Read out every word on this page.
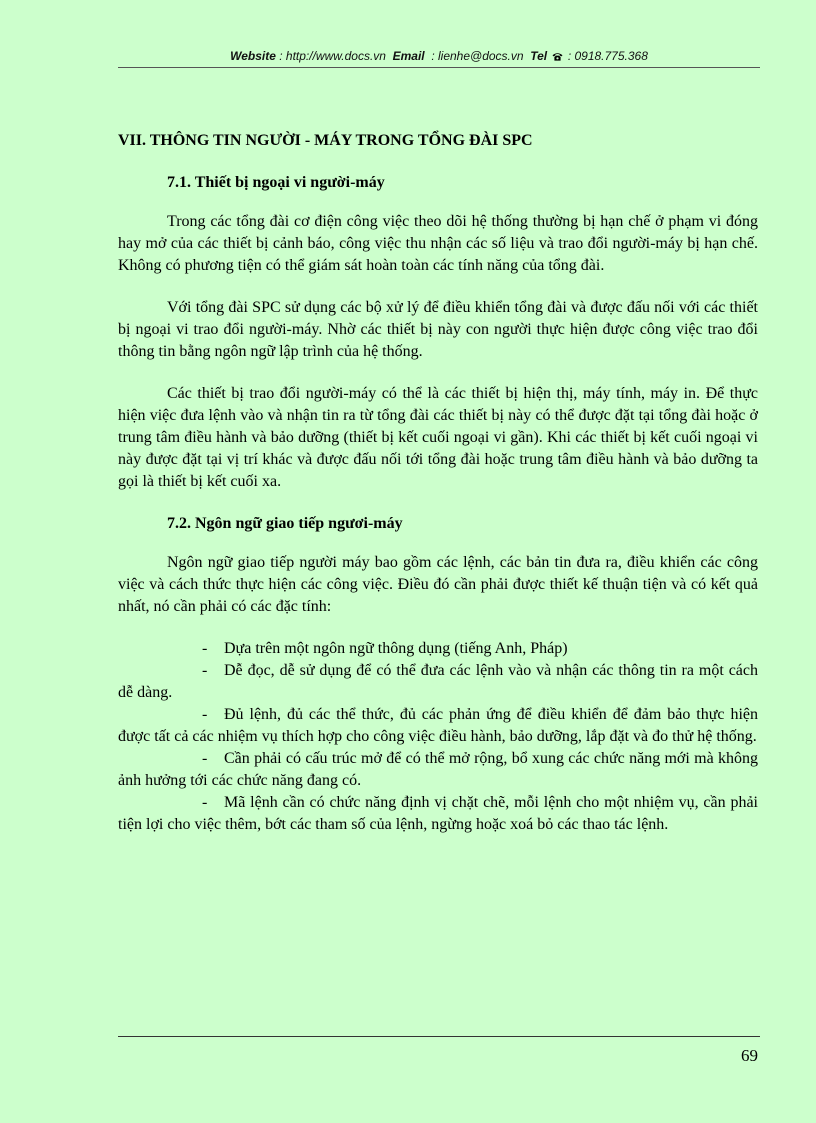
Website : http://www.docs.vn Email : lienhe@docs.vn Tel : 0918.775.368
VII. THÔNG TIN NGƯỜI - MÁY TRONG TỔNG ĐÀI SPC
7.1. Thiết bị ngoại vi người-máy

Trong các tổng đài cơ điện công việc theo dõi hệ thống thường bị hạn chế ở phạm vi đóng hay mở của các thiết bị cảnh báo, công việc thu nhận các số liệu và trao đổi người-máy bị hạn chế. Không có phương tiện có thể giám sát hoàn toàn các tính năng của tổng đài.

Với tổng đài SPC sử dụng các bộ xử lý để điều khiển tổng đài và được đấu nối với các thiết bị ngoại vi trao đổi người-máy. Nhờ các thiết bị này con người thực hiện được công việc trao đổi thông tin bằng ngôn ngữ lập trình của hệ thống.

Các thiết bị trao đổi người-máy có thể là các thiết bị hiện thị, máy tính, máy in. Để thực hiện việc đưa lệnh vào và nhận tin ra từ tổng đài các thiết bị này có thể được đặt tại tổng đài hoặc ở trung tâm điều hành và bảo dưỡng (thiết bị kết cuối ngoại vi gần). Khi các thiết bị kết cuối ngoại vi này được đặt tại vị trí khác và được đấu nối tới tổng đài hoặc trung tâm điều hành và bảo dưỡng ta gọi là thiết bị kết cuối xa.

7.2. Ngôn ngữ giao tiếp ngươi-máy

Ngôn ngữ giao tiếp người máy bao gồm các lệnh, các bản tin đưa ra, điều khiển các công việc và cách thức thực hiện các công việc. Điều đó cần phải được thiết kế thuận tiện và có kết quả nhất, nó cần phải có các đặc tính:

- Dựa trên một ngôn ngữ thông dụng (tiếng Anh, Pháp)

- Dễ đọc, dễ sử dụng để có thể đưa các lệnh vào và nhận các thông tin ra một cách dễ dàng.

- Đủ lệnh, đủ các thể thức, đủ các phản ứng để điều khiển để đảm bảo thực hiện được tất cả các nhiệm vụ thích hợp cho công việc điều hành, bảo dưỡng, lắp đặt và đo thử hệ thống.

- Cần phải có cấu trúc mở để có thể mở rộng, bổ xung các chức năng mới mà không ảnh hưởng tới các chức năng đang có.

- Mã lệnh cần có chức năng định vị chặt chẽ, mỗi lệnh cho một nhiệm vụ, cần phải tiện lợi cho việc thêm, bớt các tham số của lệnh, ngừng hoặc xoá bỏ các thao tác lệnh.

69
